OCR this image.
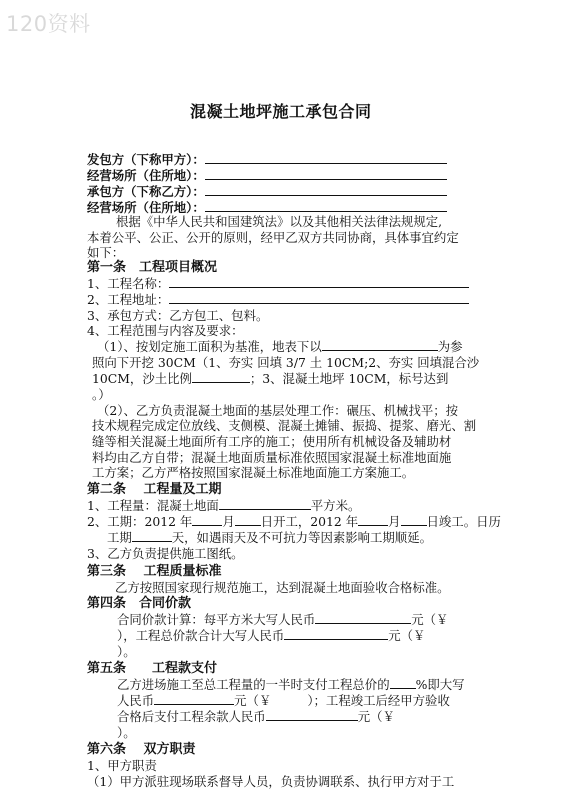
120资料
混凝土地坪施工承包合同
发包方（下称甲方）：
经营场所（住所地）：
承包方（下称乙方）：
经营场所（住所地）：
根据《中华人民共和国建筑法》以及其他相关法律法规规定,
本着公平、公正、公开的原则，经甲乙双方共同协商，具体事宜约定
如下：
第一条　工程项目概况
1、工程名称：
2、工程地址：
3、承包方式：乙方包工、包料。
4、工程范围与内容及要求：
（1）、按划定施工面积为基准，地表下以	为参
照向下开挖 30CM（1、夯实 回填 3/7 土 10CM;2、夯实 回填混合沙
10CM，沙土比例	；3、混凝土地坪 10CM，标号达到
。）
（2）、乙方负责混凝土地面的基层处理工作：碾压、机械找平；按
技术规程完成定位放线、支侧模、混凝土摊铺、振捣、提浆、磨光、割
缝等相关混凝土地面所有工序的施工；使用所有机械设备及辅助材
料均由乙方自带；混凝土地面质量标准依照国家混凝土标准地面施
工方案；乙方严格按照国家混凝土标准地面施工方案施工。
第二条　 工程量及工期
1、工程量：混凝土地面	平方米。
2、工期：2012 年 月 日开工，2012 年 月 日竣工。日历
工期	天，如遇雨天及不可抗力等因素影响工期顺延。
3、乙方负责提供施工图纸。
第三条　 工程质量标准
乙方按照国家现行规范施工，达到混凝土地面验收合格标准。
第四条　合同价款
合同价款计算：每平方米大写人民币	元（￥
），工程总价款合计大写人民币	元（￥
）。
第五条　　工程款支付
乙方进场施工至总工程量的一半时支付工程总价的 %即大写
人民币	元（￥	）；工程竣工后经甲方验收
合格后支付工程余款人民币	元（￥
）。
第六条　 双方职责
1、甲方职责
（1）甲方派驻现场联系督导人员，负责协调联系、执行甲方对于工
